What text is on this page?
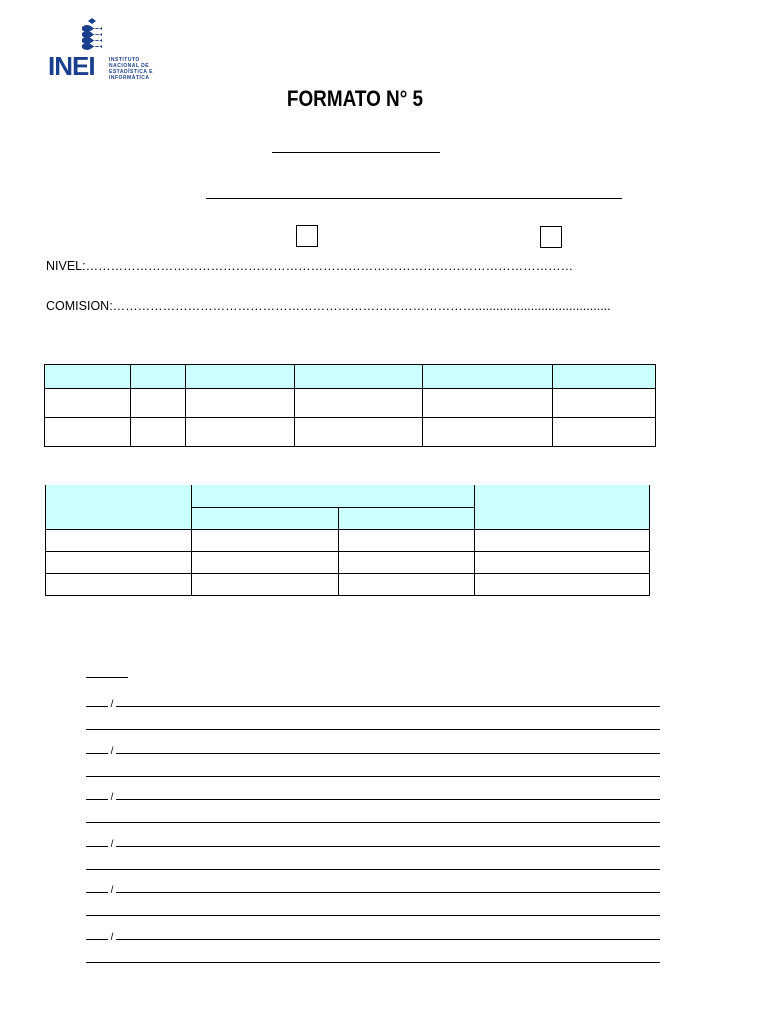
INEI	INSTITUTO
NACIONAL DE
ESTADÍSTICA E
INFORMÁTICA
FORMATO N° 5
NIVEL:………………………………………………………………………………………………………
COMISION:…………………………………………………………………………….......................................

/
/
/
/
/
/
